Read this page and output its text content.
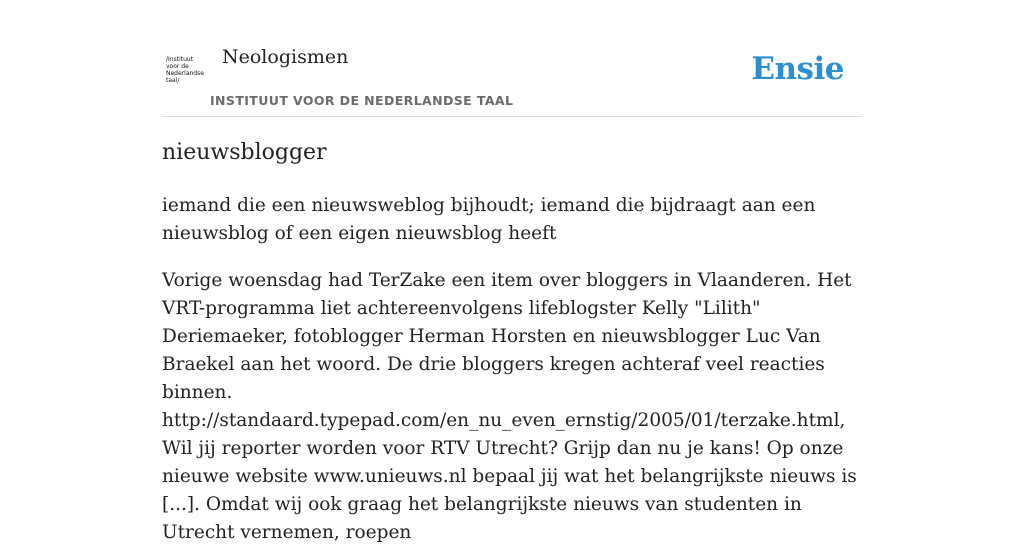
/Instituut
voor de
Nederlandse
taal/
Neologismen
INSTITUUT VOOR DE NEDERLANDSE TAAL
Ensie
nieuwsblogger

iemand die een nieuwsweblog bijhoudt; iemand die bijdraagt aan een nieuwsblog of een eigen nieuwsblog heeft

Vorige woensdag had TerZake een item over bloggers in Vlaanderen. Het VRT-programma liet achtereenvolgens lifeblogster Kelly "Lilith" Deriemaeker, fotoblogger Herman Horsten en nieuwsblogger Luc Van Braekel aan het woord. De drie bloggers kregen achteraf veel reacties binnen. http://standaard.typepad.com/en_nu_even_ernstig/2005/01/terzake.html,

Wil jij reporter worden voor RTV Utrecht? Grijp dan nu je kans! Op onze nieuwe website www.unieuws.nl bepaal jij wat het belangrijkste nieuws is [...]. Omdat wij ook graag het belangrijkste nieuws van studenten in Utrecht vernemen, roepen
